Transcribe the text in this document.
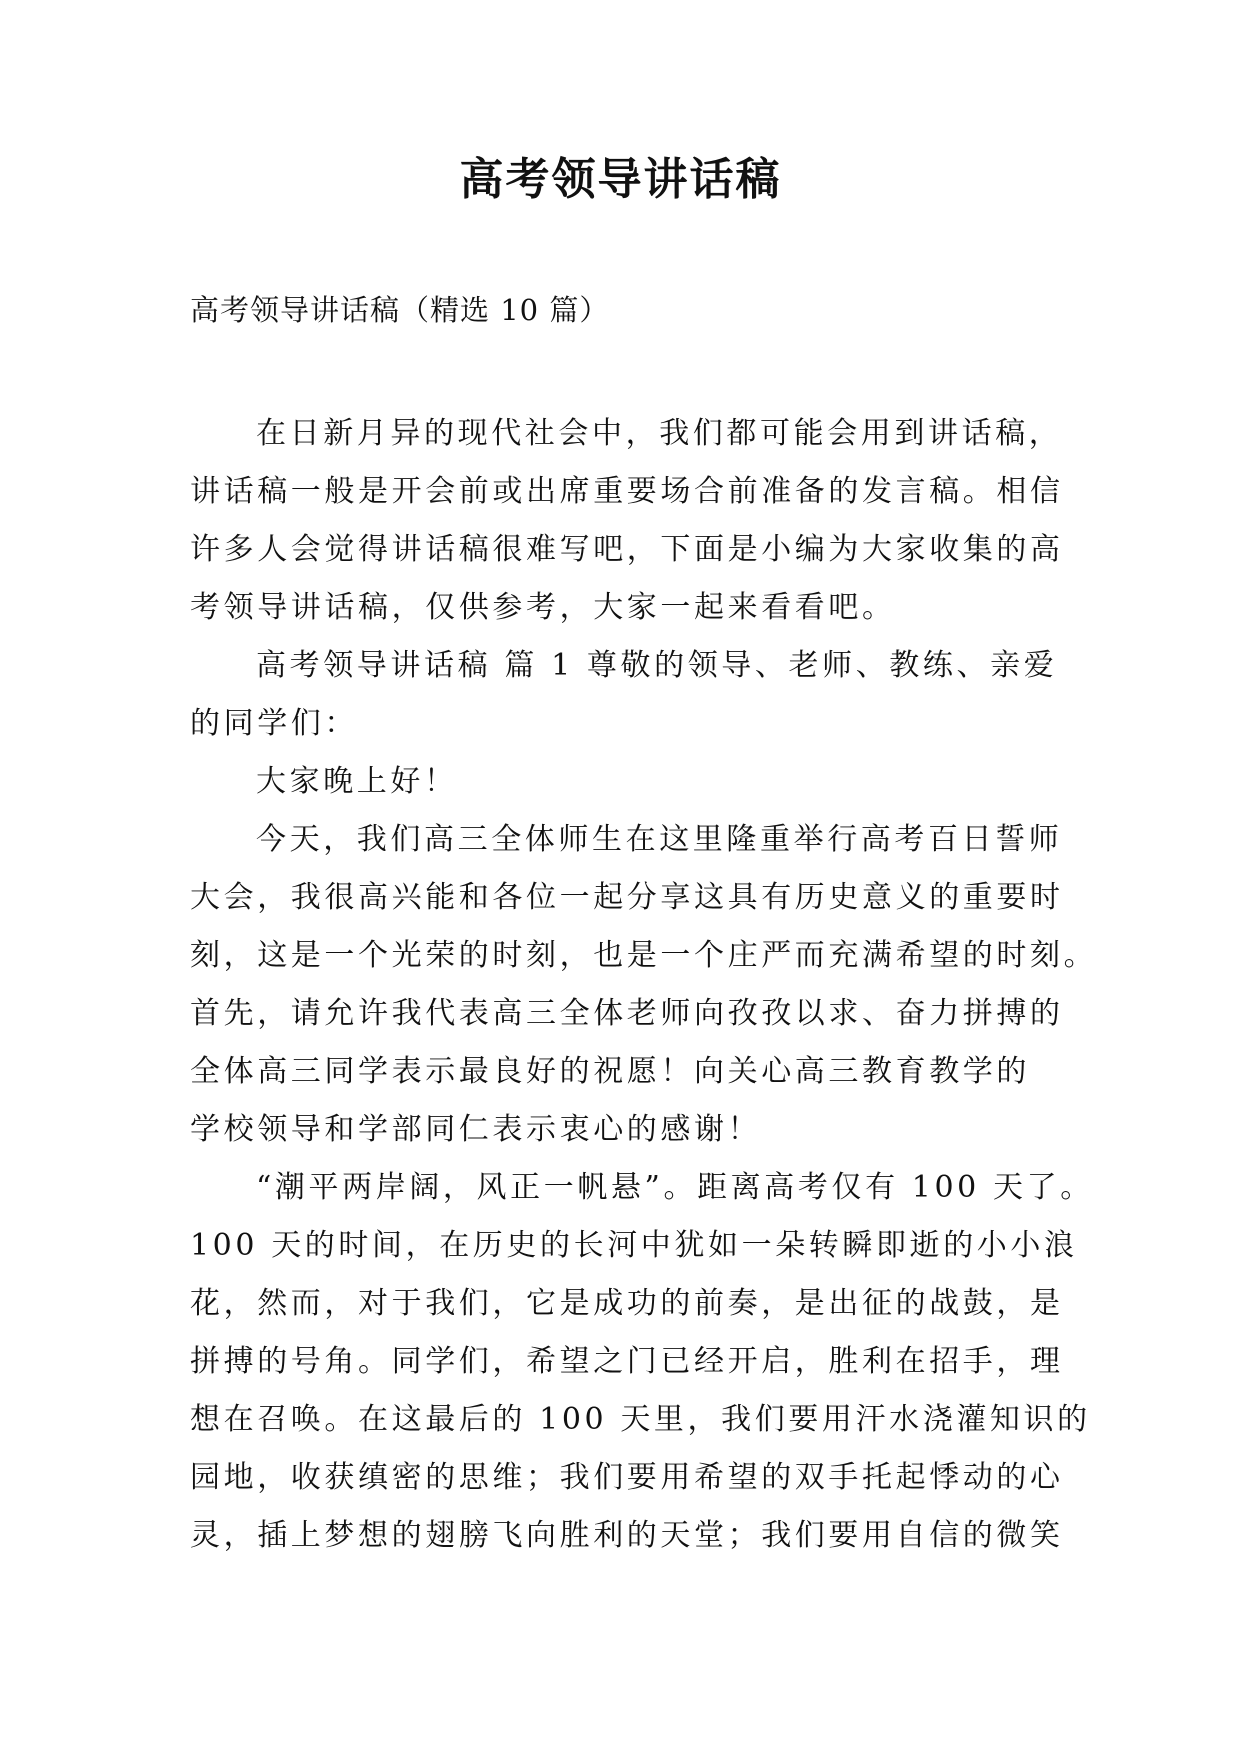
高考领导讲话稿

高考领导讲话稿（精选 10 篇）

在日新月异的现代社会中，我们都可能会用到讲话稿，
讲话稿一般是开会前或出席重要场合前准备的发言稿。相信
许多人会觉得讲话稿很难写吧，下面是小编为大家收集的高
考领导讲话稿，仅供参考，大家一起来看看吧。
高考领导讲话稿 篇 1 尊敬的领导、老师、教练、亲爱
的同学们：
大家晚上好！
今天，我们高三全体师生在这里隆重举行高考百日誓师
大会，我很高兴能和各位一起分享这具有历史意义的重要时
刻，这是一个光荣的时刻，也是一个庄严而充满希望的时刻。
首先，请允许我代表高三全体老师向孜孜以求、奋力拼搏的
全体高三同学表示最良好的祝愿！向关心高三教育教学的
学校领导和学部同仁表示衷心的感谢！
“潮平两岸阔，风正一帆悬”。距离高考仅有 100 天了。
100 天的时间，在历史的长河中犹如一朵转瞬即逝的小小浪
花，然而，对于我们，它是成功的前奏，是出征的战鼓，是
拼搏的号角。同学们，希望之门已经开启，胜利在招手，理
想在召唤。在这最后的 100 天里，我们要用汗水浇灌知识的
园地，收获缜密的思维；我们要用希望的双手托起悸动的心
灵，插上梦想的翅膀飞向胜利的天堂；我们要用自信的微笑
